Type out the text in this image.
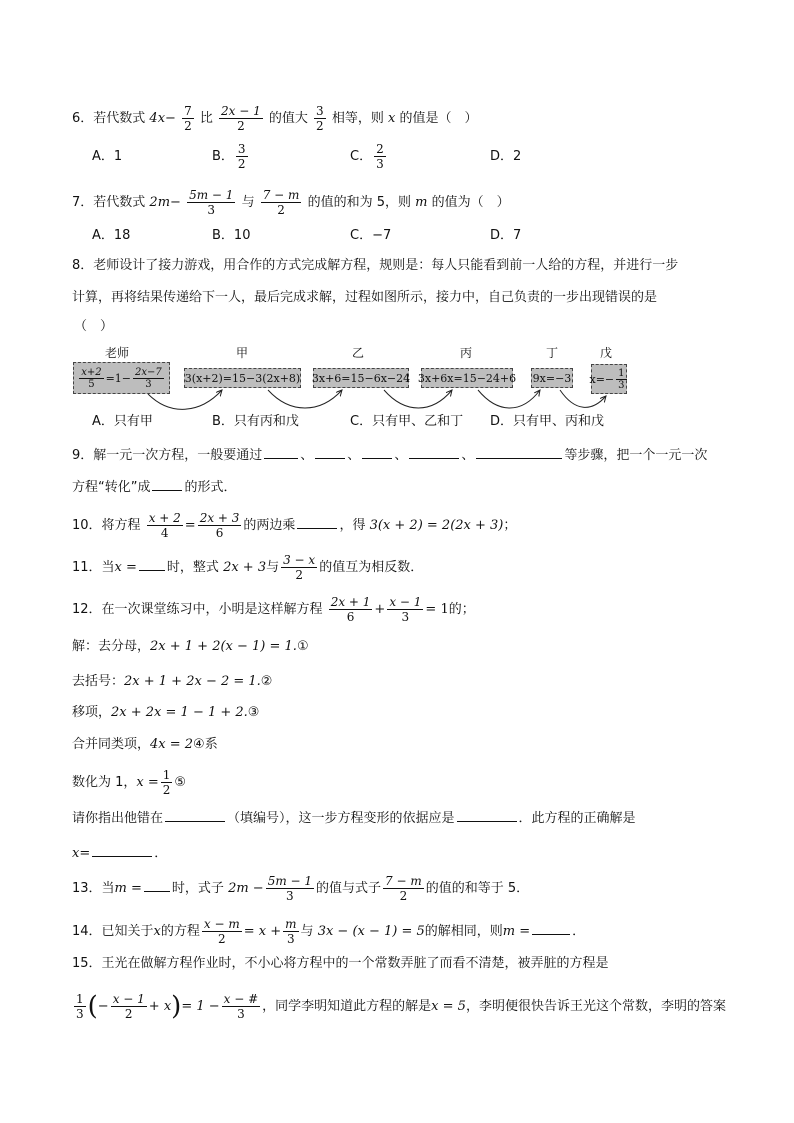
6．若代数式 $4x- \frac{7}{2}$ 比 $\frac{2x - 1}{2}$ 的值大 $\frac{3}{2}$ 相等，则 x 的值是（　）
A．1	B． $\frac{3}{2}$	C． $\frac{2}{3}$	D．2
7．若代数式 $2m- \frac{5m - 1}{3}$ 与 $\frac{7 - m}{2}$ 的值的和为 5，则 m 的值为（　）
A．18	B．10	C．−7	D．7
8．老师设计了接力游戏，用合作的方式完成解方程，规则是：每人只能看到前一人给的方程，并进行一步
计算，再将结果传递给下一人，最后完成求解，过程如图所示，接力中，自己负责的一步出现错误的是
（　）
老师	甲	乙	丙	丁	戊
$\frac{x+2}{5} =1- \frac{2x-7}{3} 3(x+2)=15-3(2x+8)$ 3x+6=15−6x−24 3x+6x=15−24+6 9x=−3 $x=- \frac{1}{3}$
A．只有甲	B．只有丙和戊	C．只有甲、乙和丁 D．只有甲、丙和戊
9．解一元一次方程，一般要通过	、	、	、	、	等步骤，把一个一元一次
方程“转化”成	的形式．
10．将方程 $\frac{x + 2}{4} = \frac{2x + 3}{6}$ 的两边乘	，得 3(x + 2) = 2(2x + 3)；
11．当x = 时，整式 2x + 3与 $\frac{3 - x}{2}$ 的值互为相反数．
12．在一次课堂练习中，小明是这样解方程 $\frac{2x + 1}{6} + \frac{x - 1}{3} = 1$的；
解：去分母，2x + 1 + 2(x − 1) = 1.①
去括号：2x + 1 + 2x − 2 = 1.②
移项，2x + 2x = 1 − 1 + 2.③
合并同类项，4x = 2④系
数化为 1，$x = \frac{1}{2}$ ⑤
请你指出他错在	（填编号），这一步方程变形的依据应是	．此方程的正确解是
x=	．
13．当m = 时，式子 $2m - \frac{5m - 1}{3}$ 的值与式子 $\frac{7 - m}{2}$ 的值的和等于 5．
14．已知关于x的方程 $\frac{x - m}{2} = x + \frac{m}{3}$ 与 3x − (x − 1) = 5的解相同，则m =	．
15．王光在做解方程作业时，不小心将方程中的一个常数弄脏了而看不清楚，被弄脏的方程是
$\frac{1}{3}$ (− $\frac{x - 1}{2} + x)= 1 - \frac{x - \#}{3}$ ，同学李明知道此方程的解是x = 5，李明便很快告诉王光这个常数，李明的答案
